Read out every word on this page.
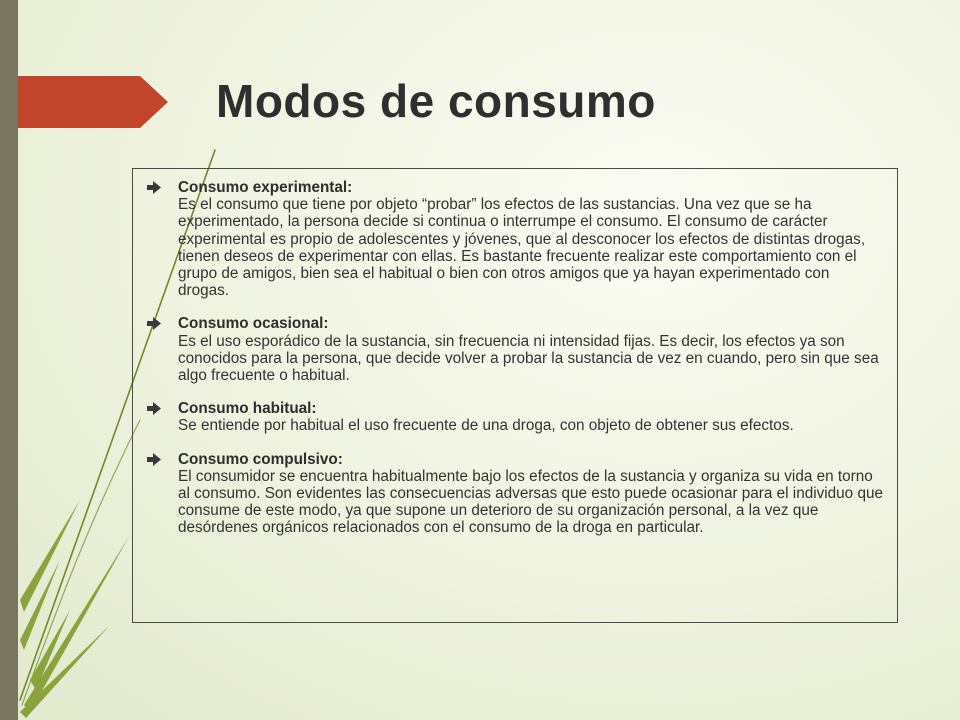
Modos de consumo
Consumo experimental:
Es el consumo que tiene por objeto “probar” los efectos de las sustancias. Una vez que se ha experimentado, la persona decide si continua o interrumpe el consumo. El consumo de carácter experimental es propio de adolescentes y jóvenes, que al desconocer los efectos de distintas drogas, tienen deseos de experimentar con ellas. Es bastante frecuente realizar este comportamiento con el grupo de amigos, bien sea el habitual o bien con otros amigos que ya hayan experimentado con drogas.
Consumo ocasional:
Es el uso esporádico de la sustancia, sin frecuencia ni intensidad fijas. Es decir, los efectos ya son conocidos para la persona, que decide volver a probar la sustancia de vez en cuando, pero sin que sea algo frecuente o habitual.
Consumo habitual:
Se entiende por habitual el uso frecuente de una droga, con objeto de obtener sus efectos.
Consumo compulsivo:
El consumidor se encuentra habitualmente bajo los efectos de la sustancia y organiza su vida en torno al consumo. Son evidentes las consecuencias adversas que esto puede ocasionar para el individuo que consume de este modo, ya que supone un deterioro de su organización personal, a la vez que desórdenes orgánicos relacionados con el consumo de la droga en particular.
